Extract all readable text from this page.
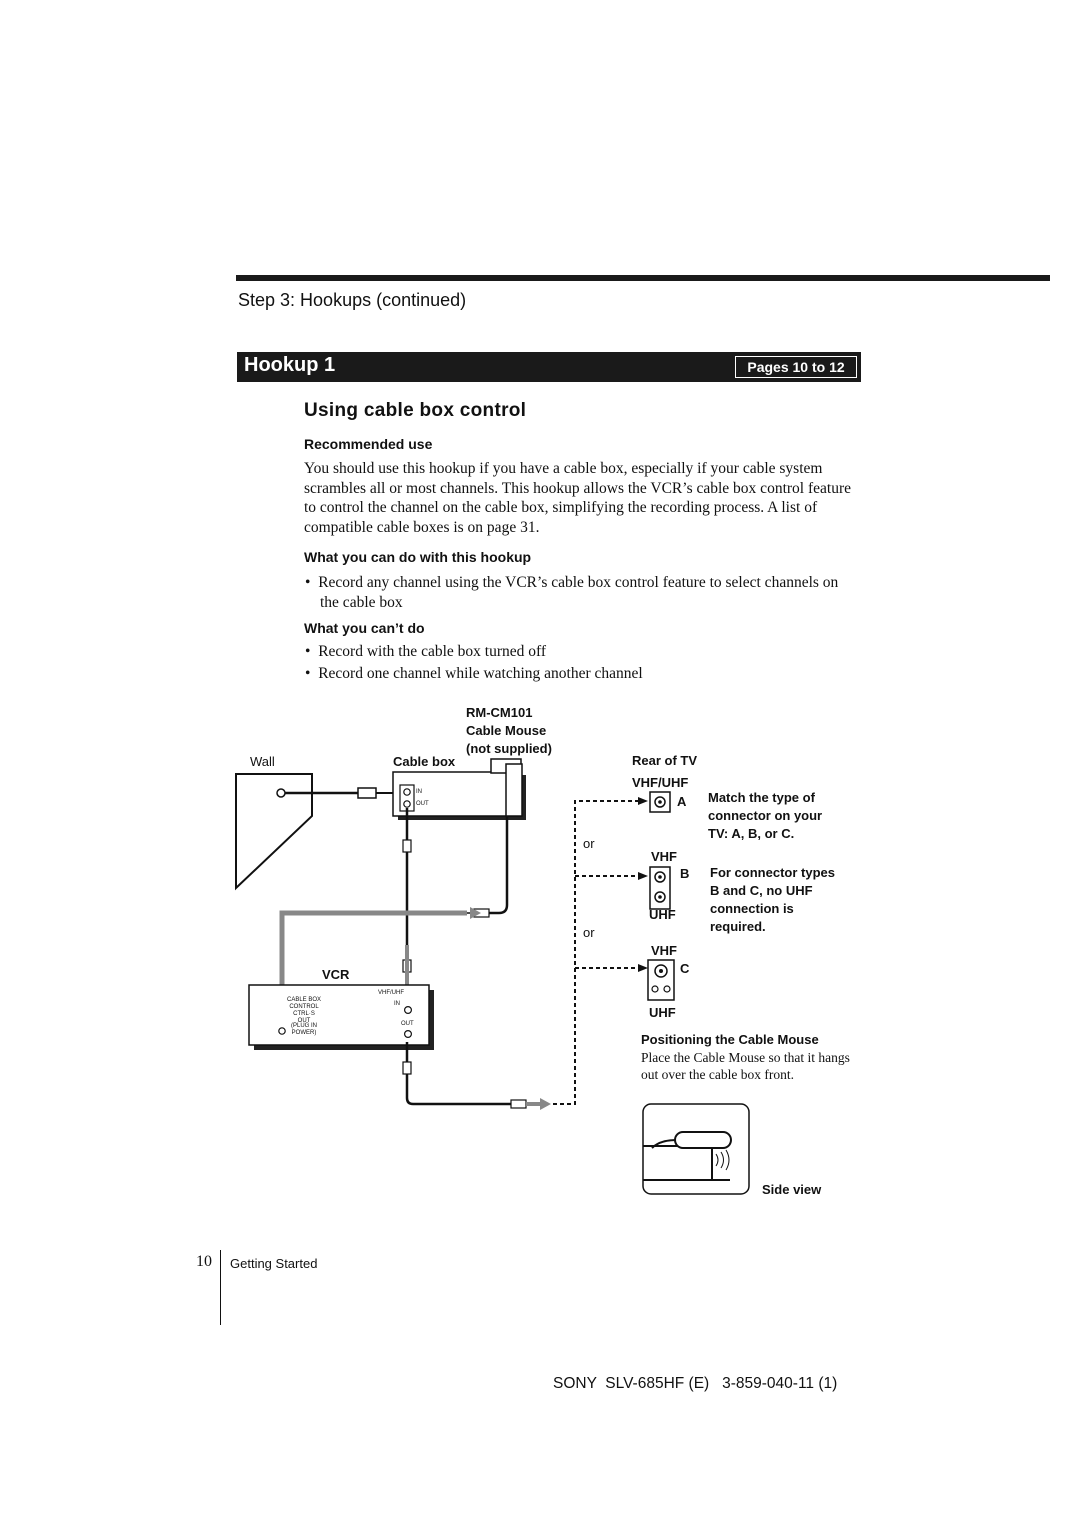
Step 3: Hookups (continued)
Hookup 1	Pages 10 to 12
Using cable box control
Recommended use
You should use this hookup if you have a cable box, especially if your cable system scrambles all or most channels. This hookup allows the VCR’s cable box control feature to control the channel on the cable box, simplifying the recording process. A list of compatible cable boxes is on page 31.
What you can do with this hookup
•  Record any channel using the VCR’s cable box control feature to select channels on the cable box
What you can’t do
•  Record with the cable box turned off
•  Record one channel while watching another channel
RM-CM101
Cable Mouse
(not supplied)
Wall	Cable box
IN
OUT
VCR
CABLE BOX CONTROL
CTRL·S OUT
(PLUG IN POWER)
VHF/UHF
IN
OUT
or
or
Rear of TV
VHF/UHF
A
VHF
B
UHF
VHF
C
UHF
Match the type of
connector on your
TV: A, B, or C.
For connector types
B and C, no UHF
connection is
required.
Positioning the Cable Mouse
Place the Cable Mouse so that it hangs out over the cable box front.
Side view
10 Getting Started
SONY  SLV-685HF (E)   3-859-040-11 (1)
